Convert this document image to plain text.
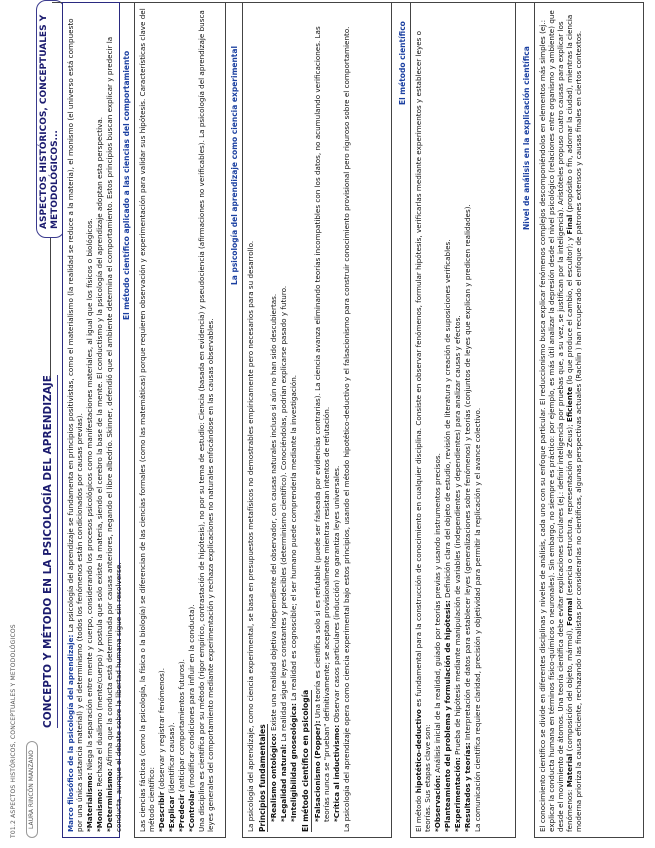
T01.2 ASPECTOS HISTÓRICOS, CONCEPTUALES Y METODOLÓGICOS	LAURA RINCÓN MANZANO
CONCEPTO Y MÉTODO EN LA PSICOLOGÍA DEL APRENDIZAJE
ASPECTOS HISTÓRICOS, CONCEPTUALES Y METODOLÓGICOS...

Marco filosófico de la psicología del aprendizaje: La psicología del aprendizaje se fundamenta en principios positivistas, como el materialismo (la realidad se reduce a la materia), el monismo (el universo está compuesto por una única sustancia material) y el determinismo (todos los fenómenos están condicionados por causas previas). *Materialismo: Niega la separación entre mente y cuerpo, considerando los procesos psicológicos como manifestaciones materiales, al igual que los físicos o biológicos.

*Monismo: Rechaza el dualismo (mente/cuerpo) y postula que solo existe la materia, siendo el cerebro la base de la mente. El conductismo y la psicología del aprendizaje adoptan esta perspectiva.

*Determinismo: Afirma que la conducta está determinada por causas anteriores, negando el libre albedrío. Skinner, defendió que el ambiente determina el comportamiento. Estos principios buscan explicar y predecir la conducta, aunque el debate sobre la libertad humana sigue sin resolverse.

El método científico aplicado a las ciencias del comportamiento Las ciencias fácticas (como la psicología, la física o la biología) se diferencian de las ciencias formales (como las matemáticas) porque requieren observación y experimentación para validar sus hipótesis. Características clave del método científico: *Describir (observar y registrar fenómenos).

*Explicar (identificar causas).

*Predecir (anticipar comportamientos futuros).

*Controlar (modificar condiciones para influir en la conducta). Una disciplina es científica por su método (rigor empírico, contrastación de hipótesis), no por su tema de estudio: Ciencia (basada en evidencia) y pseudociencia (afirmaciones no verificables). La psicología del aprendizaje busca leyes generales del comportamiento mediante experimentación y rechaza explicaciones no naturales enfocándose en las causas observables.

La psicología del aprendizaje como ciencia experimental

La psicología del aprendizaje, como ciencia experimental, se basa en presupuestos metafísicos no demostrables empíricamente pero necesarios para su desarrollo. Principios fundamentales *Realismo ontológico: Existe una realidad objetiva independiente del observador, con causas naturales incluso si aún no han sido descubiertas.

*Legalidad natural: La realidad sigue leyes constantes y predecibles (determinismo científico). Conociéndolas, podrían explicarse pasado y futuro.

*Inteligibilidad gnoseológica: La realidad es cognoscible; el ser humano puede comprenderla mediante la investigación.

El método científico en psicología *Falsacionismo (Popper): Una teoría es científica solo si es refutable (puede ser falseada por evidencias contrarias). La ciencia avanza eliminando teorías incompatibles con los datos, no acumulando verificaciones. Las teorías nunca se "prueban" definitivamente; se aceptan provisionalmente mientras resistan intentos de refutación. *Crítica al inductivismo: Observar casos particulares (inducción) no garantiza leyes universales. La psicología del aprendizaje opera como ciencia experimental bajo estos principios, usando el método hipotético-deductivo y el falsacionismo para construir conocimiento provisional pero riguroso sobre el comportamiento.	El método científico

El método hipotético-deductivo es fundamental para la construcción de conocimiento en cualquier disciplina. Consiste en observar fenómenos, formular hipótesis, verificarlas mediante experimentos y establecer leyes o teorías. Sus etapas clave son: *Observación: Análisis inicial de la realidad, guiado por teorías previas y usando instrumentos precisos. *Planteamiento del problema y formulación de hipótesis: Definición clara del objeto de estudio, revisión de literatura y creación de suposiciones verificables.

*Experimentación: Prueba de hipótesis mediante manipulación de variables (independientes y dependientes) para analizar causas y efectos.

*Resultados y teorías: Interpretación de datos para establecer leyes (generalizaciones sobre fenómenos) y teorías (conjuntos de leyes que explican y predicen realidades). La comunicación científica requiere claridad, precisión y objetividad para permitir la replicación y el avance colectivo.

Nivel de análisis en la explicación científica El conocimiento científico se divide en diferentes disciplinas y niveles de análisis, cada uno con su enfoque particular. El reduccionismo busca explicar fenómenos complejos descomponiéndolos en elementos más simples (ej.: explicar la conducta humana en términos físico-químicos o neuronales). Sin embargo, no siempre es práctico: por ejemplo, es más útil analizar la depresión desde el nivel psicológico (relaciones entre organismo y ambiente) que desde el movimiento de átomos. Una teoría científica debe evitar explicaciones circulares (ej.: definir inteligencia por pruebas que, a su vez, se justifican por la inteligencia). Aristóteles propuso cuatro causas para explicar los fenómenos: Material (composición del objeto, mármol), Formal (esencia o estructura, representación de Zeus); Eficiente (lo que produce el cambio, el escultor); y Final (propósito o fin, adornar la ciudad), mientras la ciencia moderna prioriza la causa eficiente, rechazando las finalistas por considerarlas no científicas, algunas perspectivas actuales (Rachlin ) han recuperado el enfoque de patrones extensos y causas finales en ciertos contextos.
